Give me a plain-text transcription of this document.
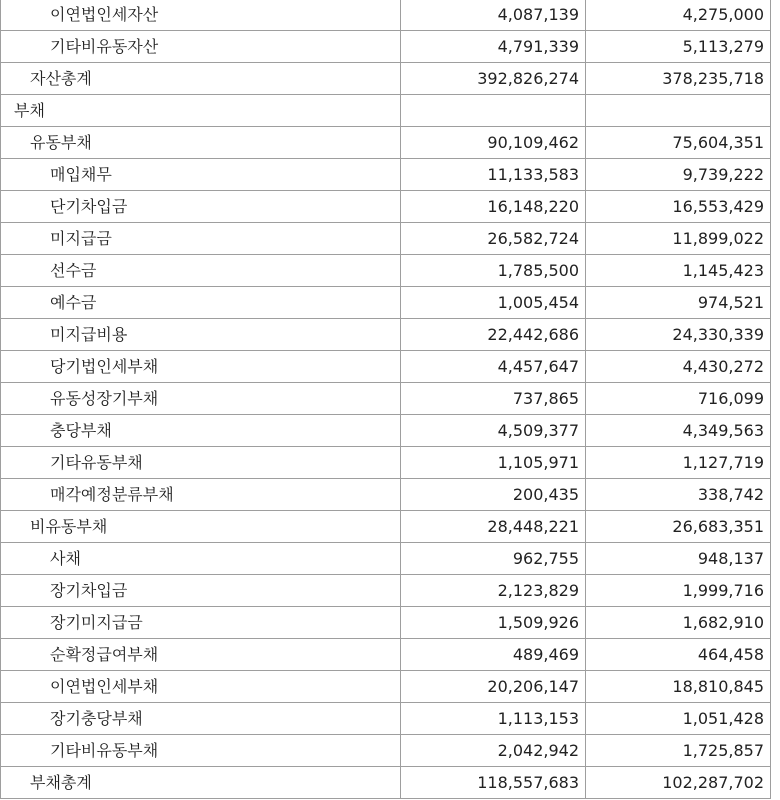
이연법인세자산	4,087,139	4,275,000
기타비유동자산	4,791,339	5,113,279
자산총계	392,826,274	378,235,718
부채		
유동부채	90,109,462	75,604,351
매입채무	11,133,583	9,739,222
단기차입금	16,148,220	16,553,429
미지급금	26,582,724	11,899,022
선수금	1,785,500	1,145,423
예수금	1,005,454	974,521
미지급비용	22,442,686	24,330,339
당기법인세부채	4,457,647	4,430,272
유동성장기부채	737,865	716,099
충당부채	4,509,377	4,349,563
기타유동부채	1,105,971	1,127,719
매각예정분류부채	200,435	338,742
비유동부채	28,448,221	26,683,351
사채	962,755	948,137
장기차입금	2,123,829	1,999,716
장기미지급금	1,509,926	1,682,910
순확정급여부채	489,469	464,458
이연법인세부채	20,206,147	18,810,845
장기충당부채	1,113,153	1,051,428
기타비유동부채	2,042,942	1,725,857
부채총계	118,557,683	102,287,702
